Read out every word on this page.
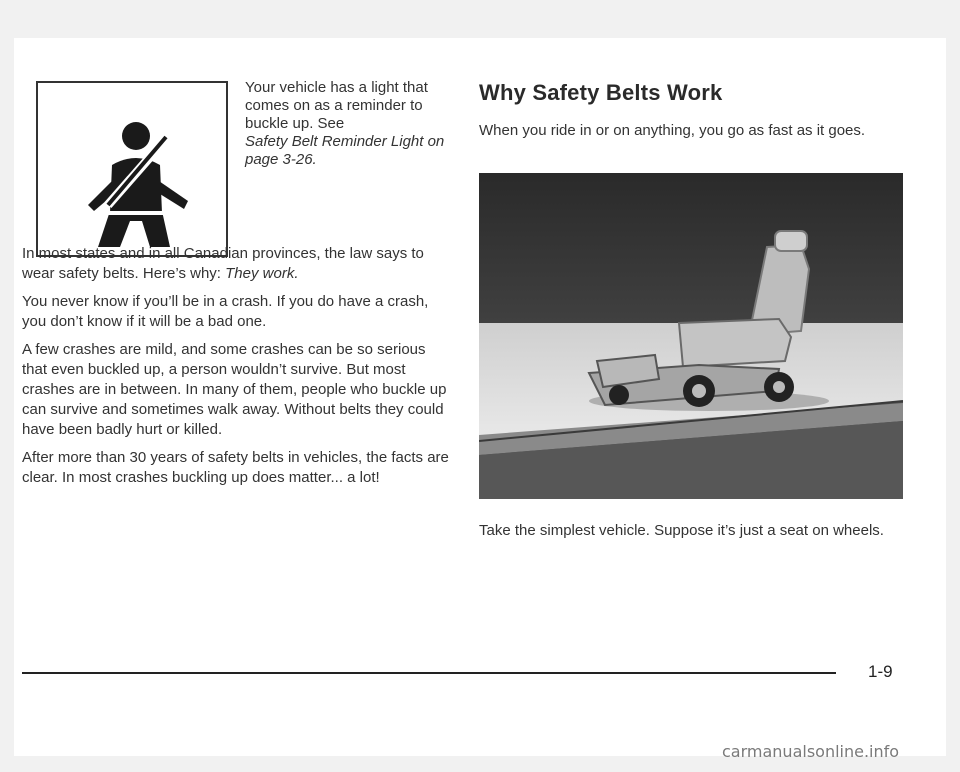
Your vehicle has a light that comes on as a reminder to buckle up. See
Safety Belt Reminder Light on page 3-26.

In most states and in all Canadian provinces, the law says to wear safety belts. Here’s why: They work.

You never know if you’ll be in a crash. If you do have a crash, you don’t know if it will be a bad one.

A few crashes are mild, and some crashes can be so serious that even buckled up, a person wouldn’t survive. But most crashes are in between. In many of them, people who buckle up can survive and sometimes walk away. Without belts they could have been badly hurt or killed.

After more than 30 years of safety belts in vehicles, the facts are clear. In most crashes buckling up does matter... a lot!

Why Safety Belts Work
When you ride in or on anything, you go as fast as it goes.
Take the simplest vehicle. Suppose it’s just a seat on wheels.
1-9
carmanualsonline.info
